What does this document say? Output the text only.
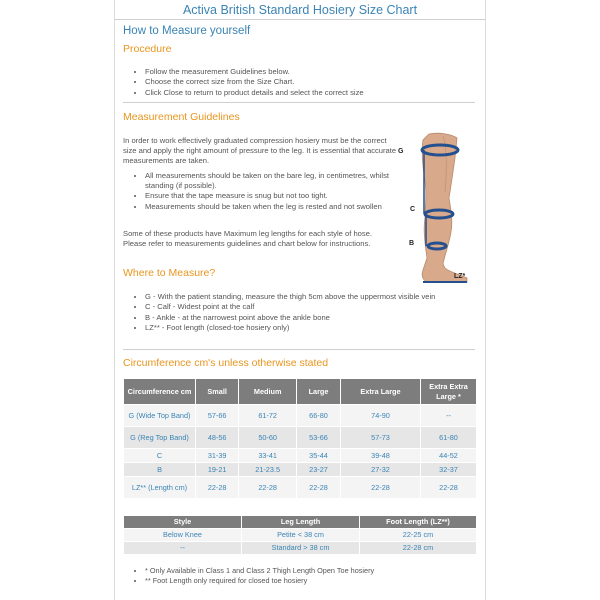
Activa British Standard Hosiery Size Chart
How to Measure yourself
Procedure
• Follow the measurement Guidelines below.
• Choose the correct size from the Size Chart.
• Click Close to return to product details and select the correct size
Measurement Guidelines
In order to work effectively graduated compression hosiery must be the correct size and apply the right amount of pressure to the leg. It is essential that accurate measurements are taken.
• All measurements should be taken on the bare leg, in centimetres, whilst standing (if possible).
• Ensure that the tape measure is snug but not too tight.
• Measurements should be taken when the leg is rested and not swollen
Some of these products have Maximum leg lengths for each style of hose. Please refer to measurements guidelines and chart below for instructions.
G
C
B
LZ*
Where to Measure?
• G - With the patient standing, measure the thigh 5cm above the uppermost visible vein
• C - Calf - Widest point at the calf
• B - Ankle - at the narrowest point above the ankle bone
• LZ** - Foot length (closed-toe hosiery only)
Circumference cm's unless otherwise stated
Circumference cm	Small	Medium	Large	Extra Large	Extra Extra Large *
G (Wide Top Band)	57-66	61-72	66-80	74-90	--
G (Reg Top Band)	48-56	50-60	53-66	57-73	61-80
C	31-39	33-41	35-44	39-48	44-52
B	19-21	21-23.5	23-27	27-32	32-37
LZ** (Length cm)	22-28	22-28	22-28	22-28	22-28
Style	Leg Length	Foot Length (LZ**)
Below Knee	Petite < 38 cm	22-25 cm
--	Standard > 38 cm	22-28 cm
• * Only Available in Class 1 and Class 2 Thigh Length Open Toe hosiery
• ** Foot Length only required for closed toe hosiery
